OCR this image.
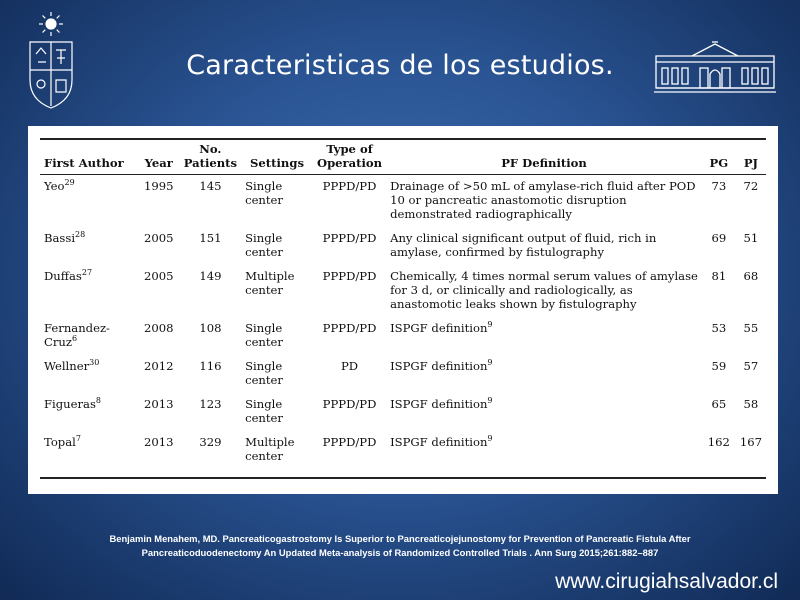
Caracteristicas de los estudios.
First Author	Year	No. Patients	Settings	Type of Operation	PF Definition	PG	PJ
Yeo$^{29}$	1995	145	Single center	PPPD/PD	Drainage of >50 mL of amylase-rich fluid after POD 10 or pancreatic anastomotic disruption demonstrated radiographically	73	72
Bassi$^{28}$	2005	151	Single center	PPPD/PD	Any clinical significant output of fluid, rich in amylase, confirmed by fistulography	69	51
Duffas$^{27}$	2005	149	Multiple center	PPPD/PD	Chemically, 4 times normal serum values of amylase for 3 d, or clinically and radiologically, as anastomotic leaks shown by fistulography	81	68
Fernandez-Cruz$^6$	2008	108	Single center	PPPD/PD	ISPGF definition$^9$	53	55
Wellner$^{30}$	2012	116	Single center	PD	ISPGF definition$^9$	59	57
Figueras$^8$	2013	123	Single center	PPPD/PD	ISPGF definition$^9$	65	58
Topal$^7$	2013	329	Multiple center	PPPD/PD	ISPGF definition$^9$	162	167
Benjamin Menahem, MD. Pancreaticogastrostomy Is Superior to Pancreaticojejunostomy for Prevention of Pancreatic Fistula After
Pancreaticoduodenectomy An Updated Meta-analysis of Randomized Controlled Trials . Ann Surg 2015;261:882–887
www.cirugiahsalvador.cl
